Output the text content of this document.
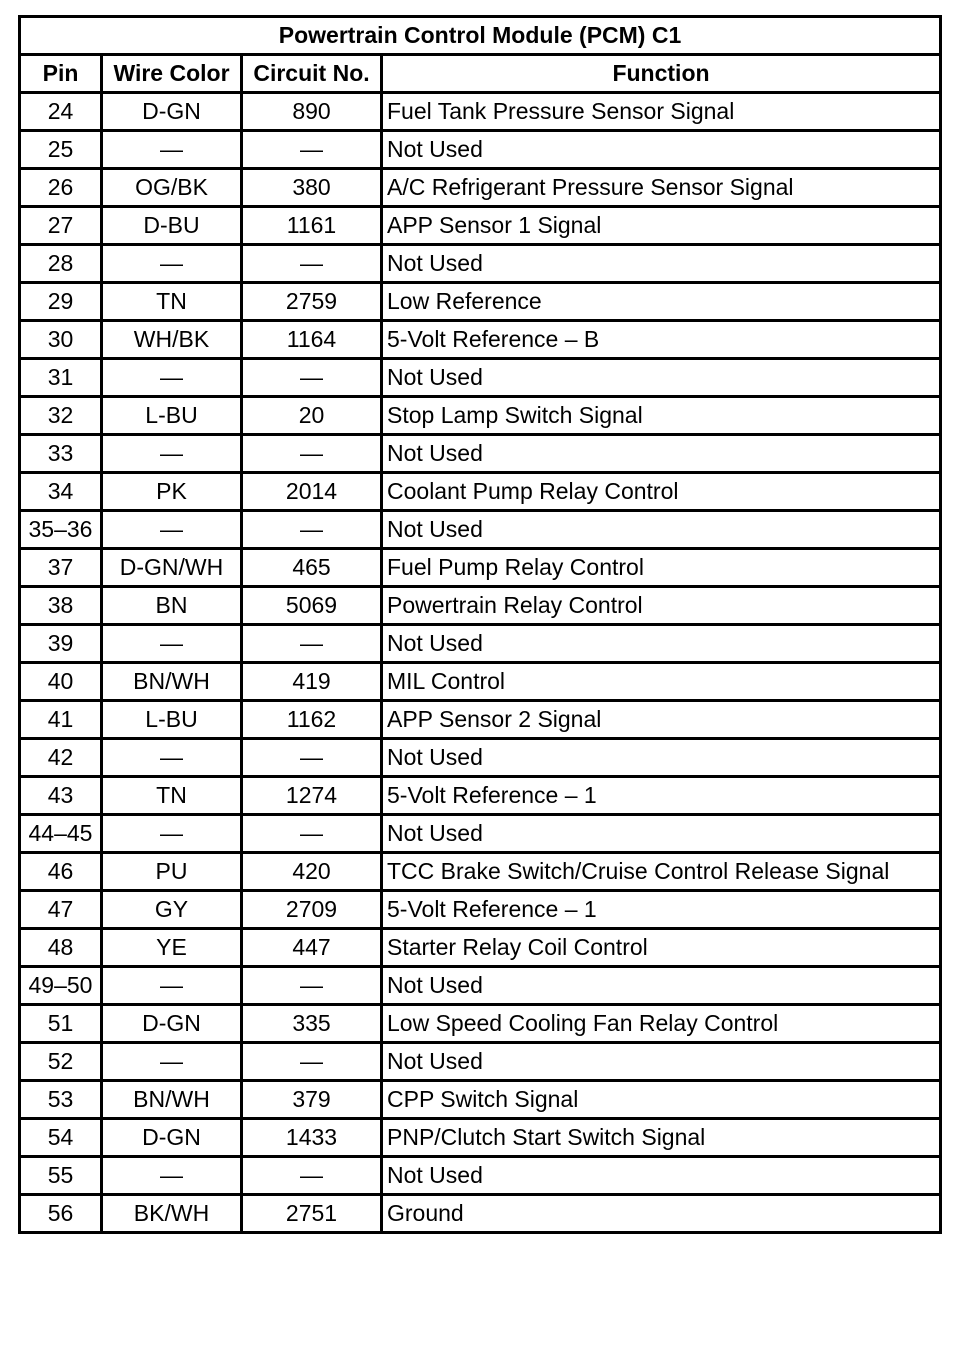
Powertrain Control Module (PCM) C1			
Pin	Wire Color	Circuit No.	Function
24	D-GN	890	Fuel Tank Pressure Sensor Signal
25	—	—	Not Used
26	OG/BK	380	A/C Refrigerant Pressure Sensor Signal
27	D-BU	1161	APP Sensor 1 Signal
28	—	—	Not Used
29	TN	2759	Low Reference
30	WH/BK	1164	5-Volt Reference – B
31	—	—	Not Used
32	L-BU	20	Stop Lamp Switch Signal
33	—	—	Not Used
34	PK	2014	Coolant Pump Relay Control
35–36	—	—	Not Used
37	D-GN/WH	465	Fuel Pump Relay Control
38	BN	5069	Powertrain Relay Control
39	—	—	Not Used
40	BN/WH	419	MIL Control
41	L-BU	1162	APP Sensor 2 Signal
42	—	—	Not Used
43	TN	1274	5-Volt Reference – 1
44–45	—	—	Not Used
46	PU	420	TCC Brake Switch/Cruise Control Release Signal
47	GY	2709	5-Volt Reference – 1
48	YE	447	Starter Relay Coil Control
49–50	—	—	Not Used
51	D-GN	335	Low Speed Cooling Fan Relay Control
52	—	—	Not Used
53	BN/WH	379	CPP Switch Signal
54	D-GN	1433	PNP/Clutch Start Switch Signal
55	—	—	Not Used
56	BK/WH	2751	Ground
